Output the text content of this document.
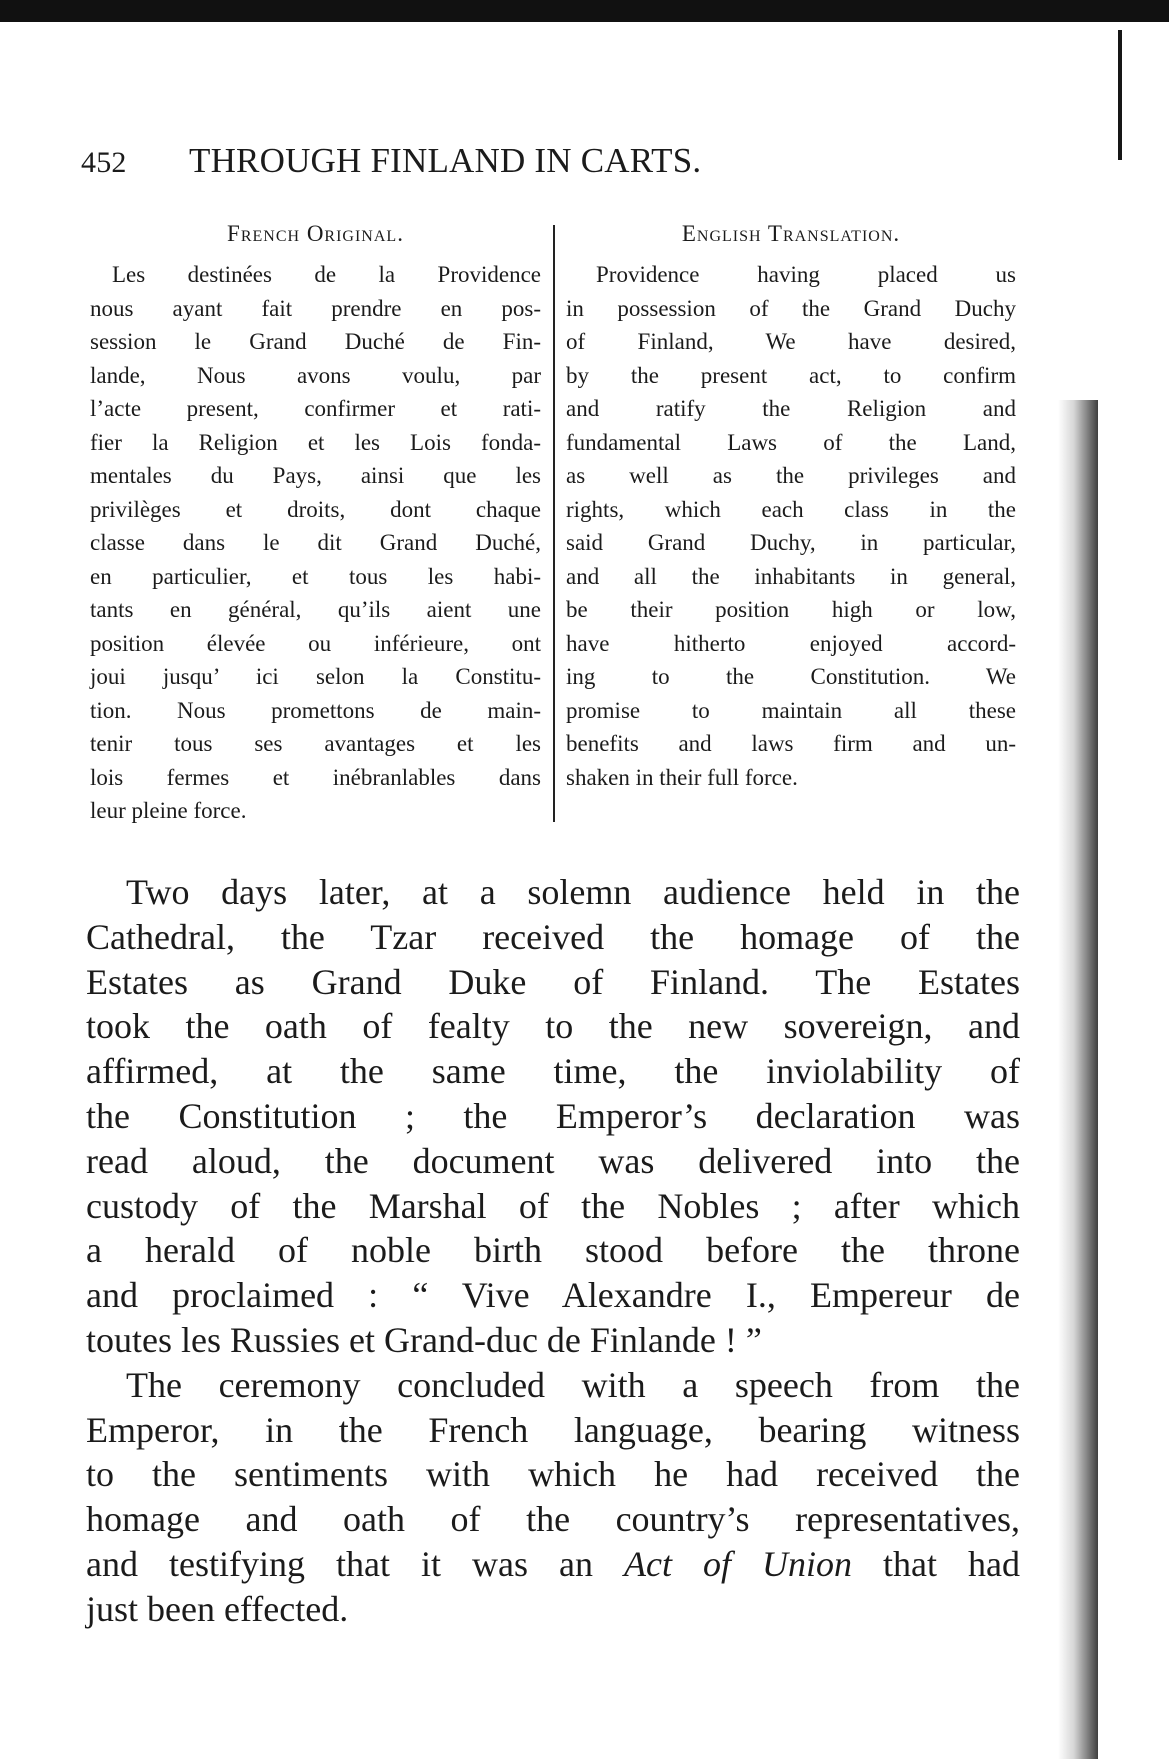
452 THROUGH FINLAND IN CARTS.
French Original.
Les destinées de la Providence nous ayant fait prendre en pos- session le Grand Duché de Fin- lande, Nous avons voulu, par l’acte present, confirmer et rati- fier la Religion et les Lois fonda- mentales du Pays, ainsi que les privilèges et droits, dont chaque classe dans le dit Grand Duché, en particulier, et tous les habi- tants en général, qu’ils aient une position élevée ou inférieure, ont joui jusqu’ ici selon la Constitu- tion. Nous promettons de main- tenir tous ses avantages et les lois fermes et inébranlables dans leur pleine force.
English Translation.
Providence having placed us in possession of the Grand Duchy of Finland, We have desired, by the present act, to confirm and ratify the Religion and fundamental Laws of the Land, as well as the privileges and rights, which each class in the said Grand Duchy, in particular, and all the inhabitants in general, be their position high or low, have hitherto enjoyed accord- ing to the Constitution. We promise to maintain all these benefits and laws firm and un- shaken in their full force.

Two days later, at a solemn audience held in the
Cathedral, the Tzar received the homage of the
Estates as Grand Duke of Finland. The Estates
took the oath of fealty to the new sovereign, and
affirmed, at the same time, the inviolability of
the Constitution ; the Emperor’s declaration was
read aloud, the document was delivered into the
custody of the Marshal of the Nobles ; after which
a herald of noble birth stood before the throne
and proclaimed : “ Vive Alexandre I., Empereur de
toutes les Russies et Grand-duc de Finlande ! ”

The ceremony concluded with a speech from the
Emperor, in the French language, bearing witness
to the sentiments with which he had received the
homage and oath of the country’s representatives,
and testifying that it was an Act of Union that had
just been effected.
